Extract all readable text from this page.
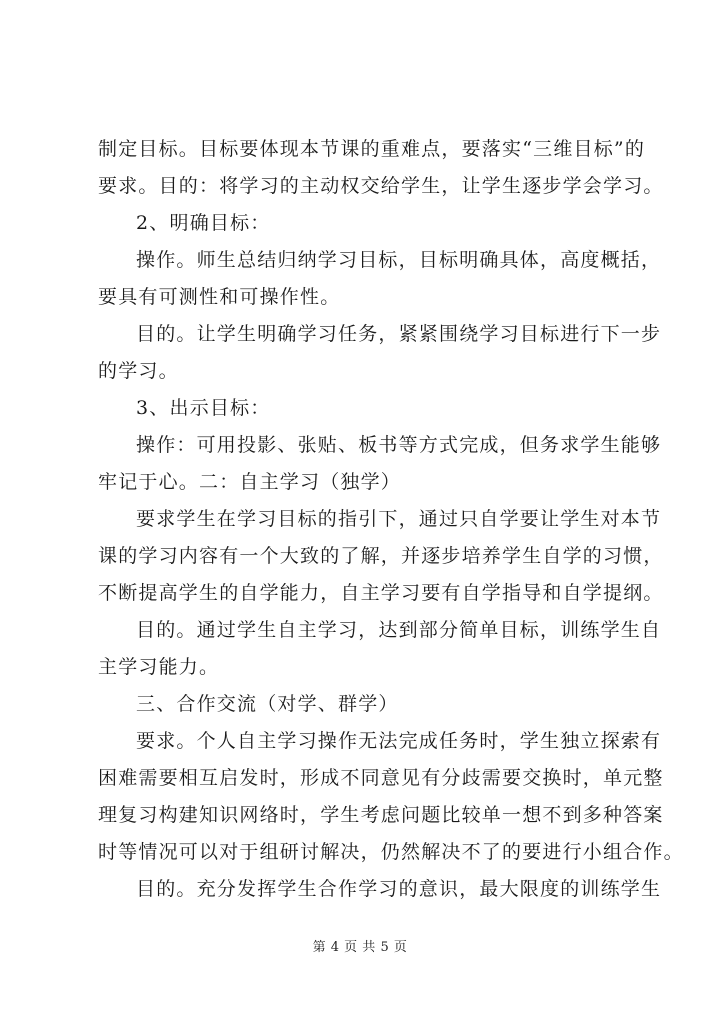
制定目标。目标要体现本节课的重难点，要落实“三维目标”的
要求。目的：将学习的主动权交给学生，让学生逐步学会学习。
2、明确目标：
操作。师生总结归纳学习目标，目标明确具体，高度概括，
要具有可测性和可操作性。
目的。让学生明确学习任务，紧紧围绕学习目标进行下一步
的学习。
3、出示目标：
操作：可用投影、张贴、板书等方式完成，但务求学生能够
牢记于心。二：自主学习（独学）
要求学生在学习目标的指引下，通过只自学要让学生对本节
课的学习内容有一个大致的了解，并逐步培养学生自学的习惯，
不断提高学生的自学能力，自主学习要有自学指导和自学提纲。
目的。通过学生自主学习，达到部分简单目标，训练学生自
主学习能力。
三、合作交流（对学、群学）
要求。个人自主学习操作无法完成任务时，学生独立探索有
困难需要相互启发时，形成不同意见有分歧需要交换时，单元整
理复习构建知识网络时，学生考虑问题比较单一想不到多种答案
时等情况可以对于组研讨解决，仍然解决不了的要进行小组合作。
目的。充分发挥学生合作学习的意识，最大限度的训练学生
第 4 页 共 5 页
